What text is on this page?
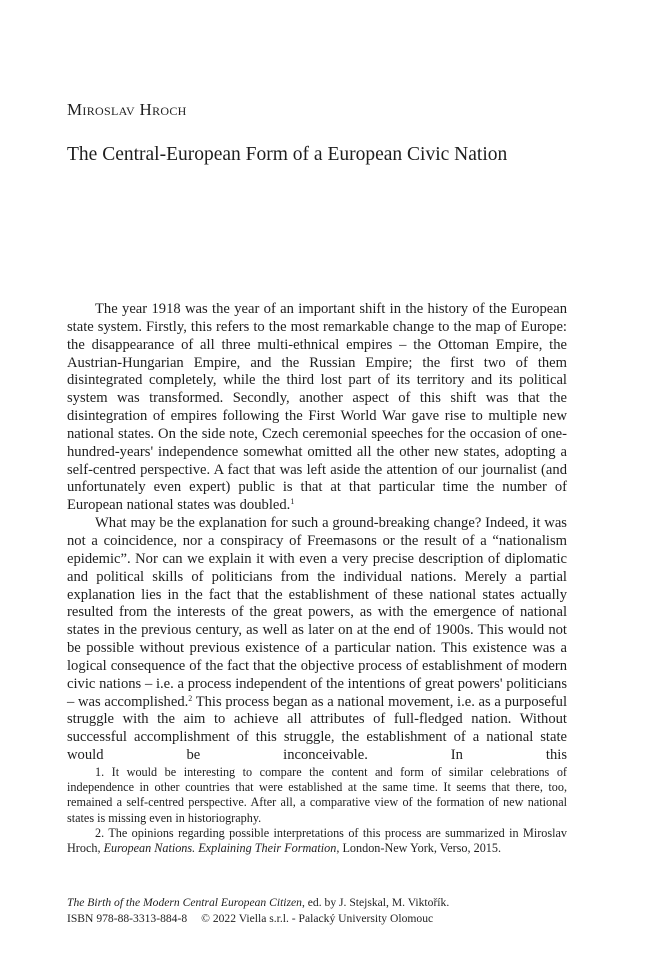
Miroslav Hroch
The Central-European Form of a European Civic Nation

The year 1918 was the year of an important shift in the history of the European state system. Firstly, this refers to the most remarkable change to the map of Europe: the disappearance of all three multi-ethnical empires – the Ottoman Empire, the Austrian-Hungarian Empire, and the Russian Empire; the first two of them disintegrated completely, while the third lost part of its territory and its political system was transformed. Secondly, another aspect of this shift was that the disintegration of empires following the First World War gave rise to multiple new national states. On the side note, Czech ceremonial speeches for the occasion of one-hundred-years' independence somewhat omitted all the other new states, adopting a self-centred perspective. A fact that was left aside the attention of our journalist (and unfortunately even expert) public is that at that particular time the number of European national states was doubled.$^1$

What may be the explanation for such a ground-breaking change? Indeed, it was not a coincidence, nor a conspiracy of Freemasons or the result of a “nationalism epidemic”. Nor can we explain it with even a very precise description of diplomatic and political skills of politicians from the individual nations. Merely a partial explanation lies in the fact that the establishment of these national states actually resulted from the interests of the great powers, as with the emergence of national states in the previous century, as well as later on at the end of 1900s. This would not be possible without previous existence of a particular nation. This existence was a logical consequence of the fact that the objective process of establishment of modern civic nations – i.e. a process independent of the intentions of great powers' politicians – was accomplished.$^2$ This process began as a national movement, i.e. as a purposeful struggle with the aim to achieve all attributes of full-fledged nation. Without successful accomplishment of this struggle, the establishment of a national state would be inconceivable. In this

1. It would be interesting to compare the content and form of similar celebrations of independence in other countries that were established at the same time. It seems that there, too, remained a self-centred perspective. After all, a comparative view of the formation of new national states is missing even in historiography.

2. The opinions regarding possible interpretations of this process are summarized in Miroslav Hroch, European Nations. Explaining Their Formation, London-New York, Verso, 2015.

The Birth of the Modern Central European Citizen, ed. by J. Stejskal, M. Viktořík.
ISBN 978-88-3313-884-8 © 2022 Viella s.r.l. - Palacký University Olomouc
